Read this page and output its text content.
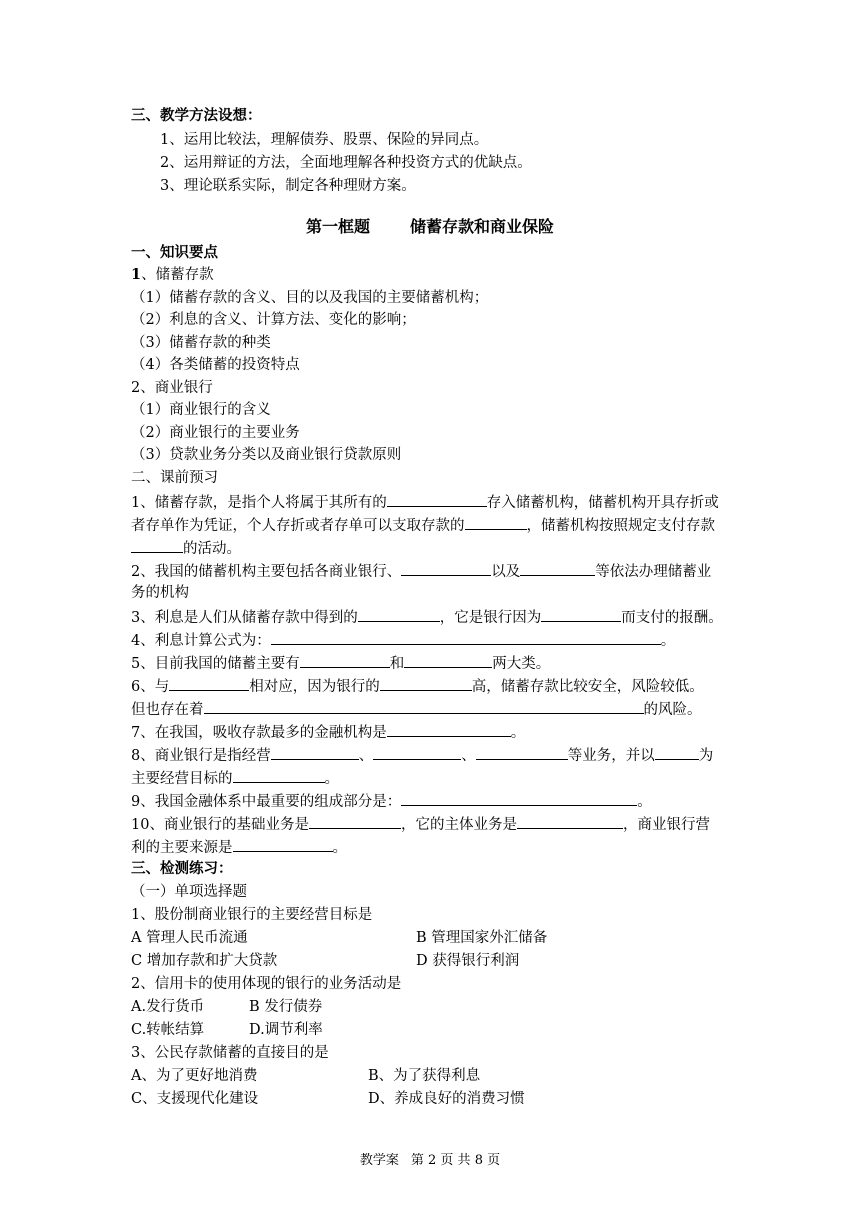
三、教学方法设想：
1、运用比较法，理解债券、股票、保险的异同点。
2、运用辩证的方法，全面地理解各种投资方式的优缺点。
3、理论联系实际，制定各种理财方案。
第一框题	储蓄存款和商业保险
一、知识要点
1、储蓄存款
（1）储蓄存款的含义、目的以及我国的主要储蓄机构；
（2）利息的含义、计算方法、变化的影响；
（3）储蓄存款的种类
（4）各类储蓄的投资特点
2、商业银行
（1）商业银行的含义
（2）商业银行的主要业务
（3）贷款业务分类以及商业银行贷款原则
二、课前预习
1、储蓄存款，是指个人将属于其所有的	存入储蓄机构，储蓄机构开具存折或
者存单作为凭证，个人存折或者存单可以支取存款的	，储蓄机构按照规定支付存款
的活动。
2、我国的储蓄机构主要包括各商业银行、	以及	等依法办理储蓄业
务的机构
3、利息是人们从储蓄存款中得到的	，它是银行因为	而支付的报酬。
4、利息计算公式为：	。
5、目前我国的储蓄主要有	和	两大类。
6、与	相对应，因为银行的	高，储蓄存款比较安全，风险较低。
但也存在着	的风险。
7、在我国，吸收存款最多的金融机构是	。
8、商业银行是指经营	、	、	等业务，并以	为
主要经营目标的	。
9、我国金融体系中最重要的组成部分是：	。
10、商业银行的基础业务是	，它的主体业务是	，商业银行营
利的主要来源是	。
三、检测练习：
（一）单项选择题
1、股份制商业银行的主要经营目标是
A 管理人民币流通	B 管理国家外汇储备
C 增加存款和扩大贷款	D 获得银行利润
2、信用卡的使用体现的银行的业务活动是
A.发行货币	B 发行债券
C.转帐结算	D.调节利率
3、公民存款储蓄的直接目的是
A、为了更好地消费	B、为了获得利息
C、支援现代化建设	D、养成良好的消费习惯
教学案 第 2 页 共 8 页
